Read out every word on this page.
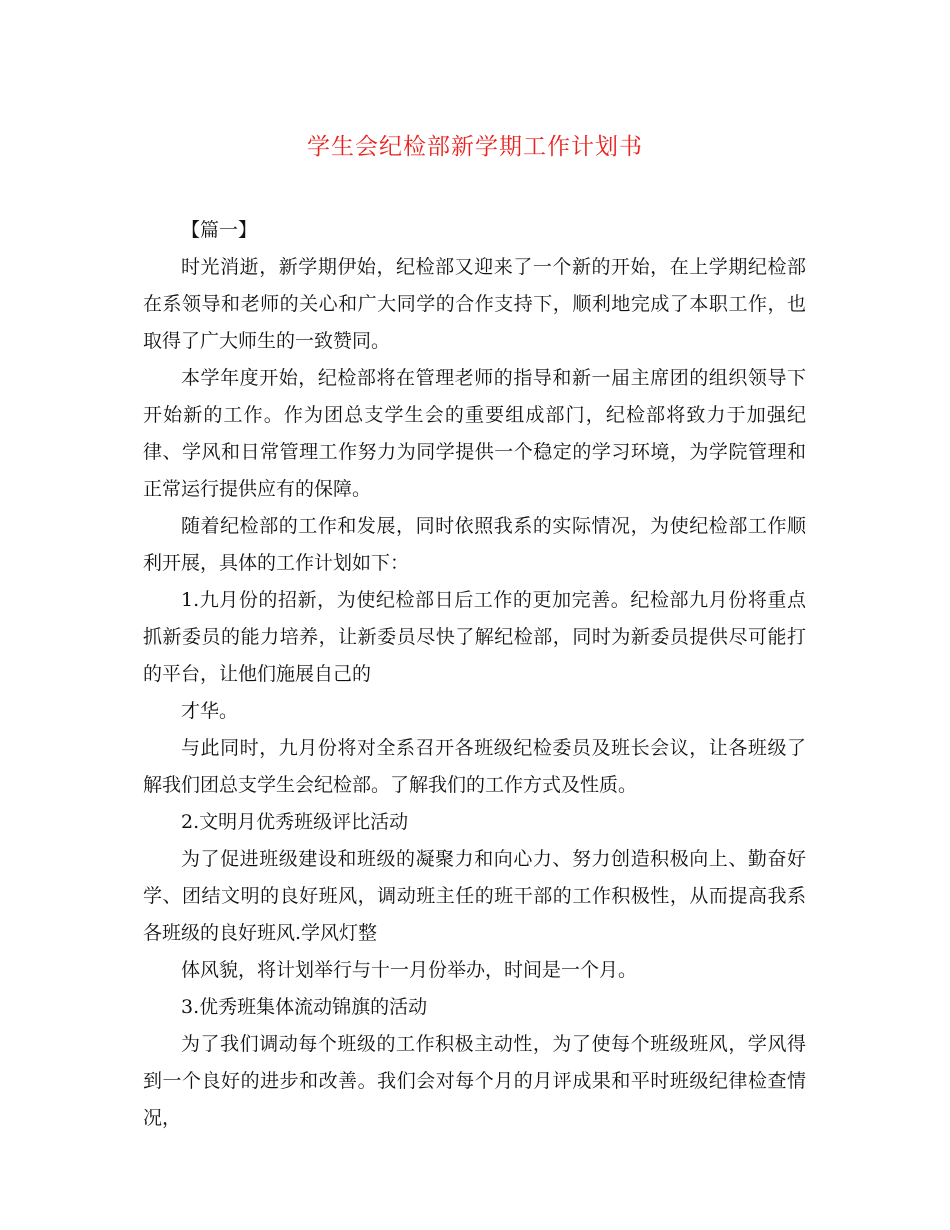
学生会纪检部新学期工作计划书

【篇一】

时光消逝，新学期伊始，纪检部又迎来了一个新的开始，在上学期纪检部在系领导和老师的关心和广大同学的合作支持下，顺利地完成了本职工作，也取得了广大师生的一致赞同。

本学年度开始，纪检部将在管理老师的指导和新一届主席团的组织领导下开始新的工作。作为团总支学生会的重要组成部门，纪检部将致力于加强纪律、学风和日常管理工作努力为同学提供一个稳定的学习环境，为学院管理和正常运行提供应有的保障。

随着纪检部的工作和发展，同时依照我系的实际情况，为使纪检部工作顺利开展，具体的工作计划如下：

1.九月份的招新，为使纪检部日后工作的更加完善。纪检部九月份将重点抓新委员的能力培养，让新委员尽快了解纪检部，同时为新委员提供尽可能打的平台，让他们施展自己的

才华。

与此同时，九月份将对全系召开各班级纪检委员及班长会议，让各班级了解我们团总支学生会纪检部。了解我们的工作方式及性质。

2.文明月优秀班级评比活动

为了促进班级建设和班级的凝聚力和向心力、努力创造积极向上、勤奋好学、团结文明的良好班风，调动班主任的班干部的工作积极性，从而提高我系各班级的良好班风.学风灯整

体风貌，将计划举行与十一月份举办，时间是一个月。

3.优秀班集体流动锦旗的活动

为了我们调动每个班级的工作积极主动性，为了使每个班级班风，学风得到一个良好的进步和改善。我们会对每个月的月评成果和平时班级纪律检查情况，
